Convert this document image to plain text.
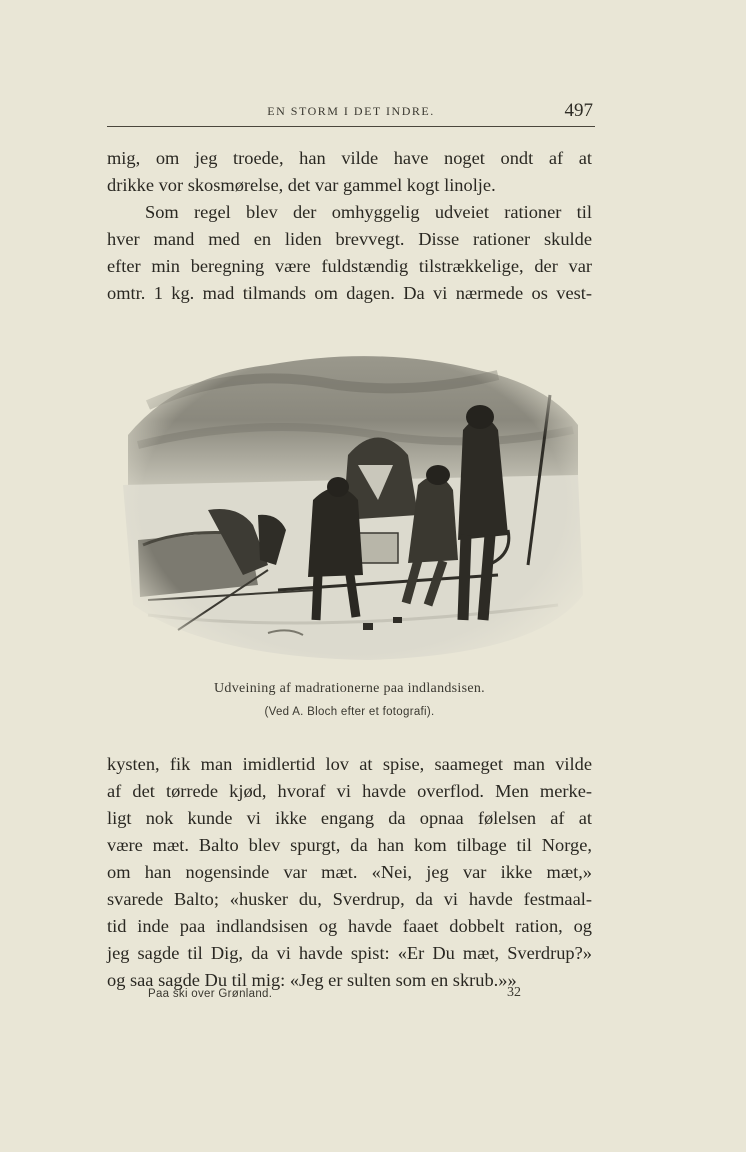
EN STORM I DET INDRE.	497
mig, om jeg troede, han vilde have noget ondt af at
drikke vor skosmørelse, det var gammel kogt linolje.
Som regel blev der omhyggelig udveiet rationer til
hver mand med en liden brevvegt. Disse rationer skulde
efter min beregning være fuldstændig tilstrækkelige, der var
omtr. 1 kg. mad tilmands om dagen. Da vi nærmede os vest-

Udveining af madrationerne paa indlandsisen.

(Ved A. Bloch efter et fotografi).

kysten, fik man imidlertid lov at spise, saameget man vilde
af det tørrede kjød, hvoraf vi havde overflod. Men merke-
ligt nok kunde vi ikke engang da opnaa følelsen af at
være mæt. Balto blev spurgt, da han kom tilbage til Norge,
om han nogensinde var mæt. «Nei, jeg var ikke mæt,»
svarede Balto; «husker du, Sverdrup, da vi havde festmaal-
tid inde paa indlandsisen og havde faaet dobbelt ration, og
jeg sagde til Dig, da vi havde spist: «Er Du mæt, Sverdrup?»
og saa sagde Du til mig: «Jeg er sulten som en skrub.»»
Paa ski over Grønland.	32
